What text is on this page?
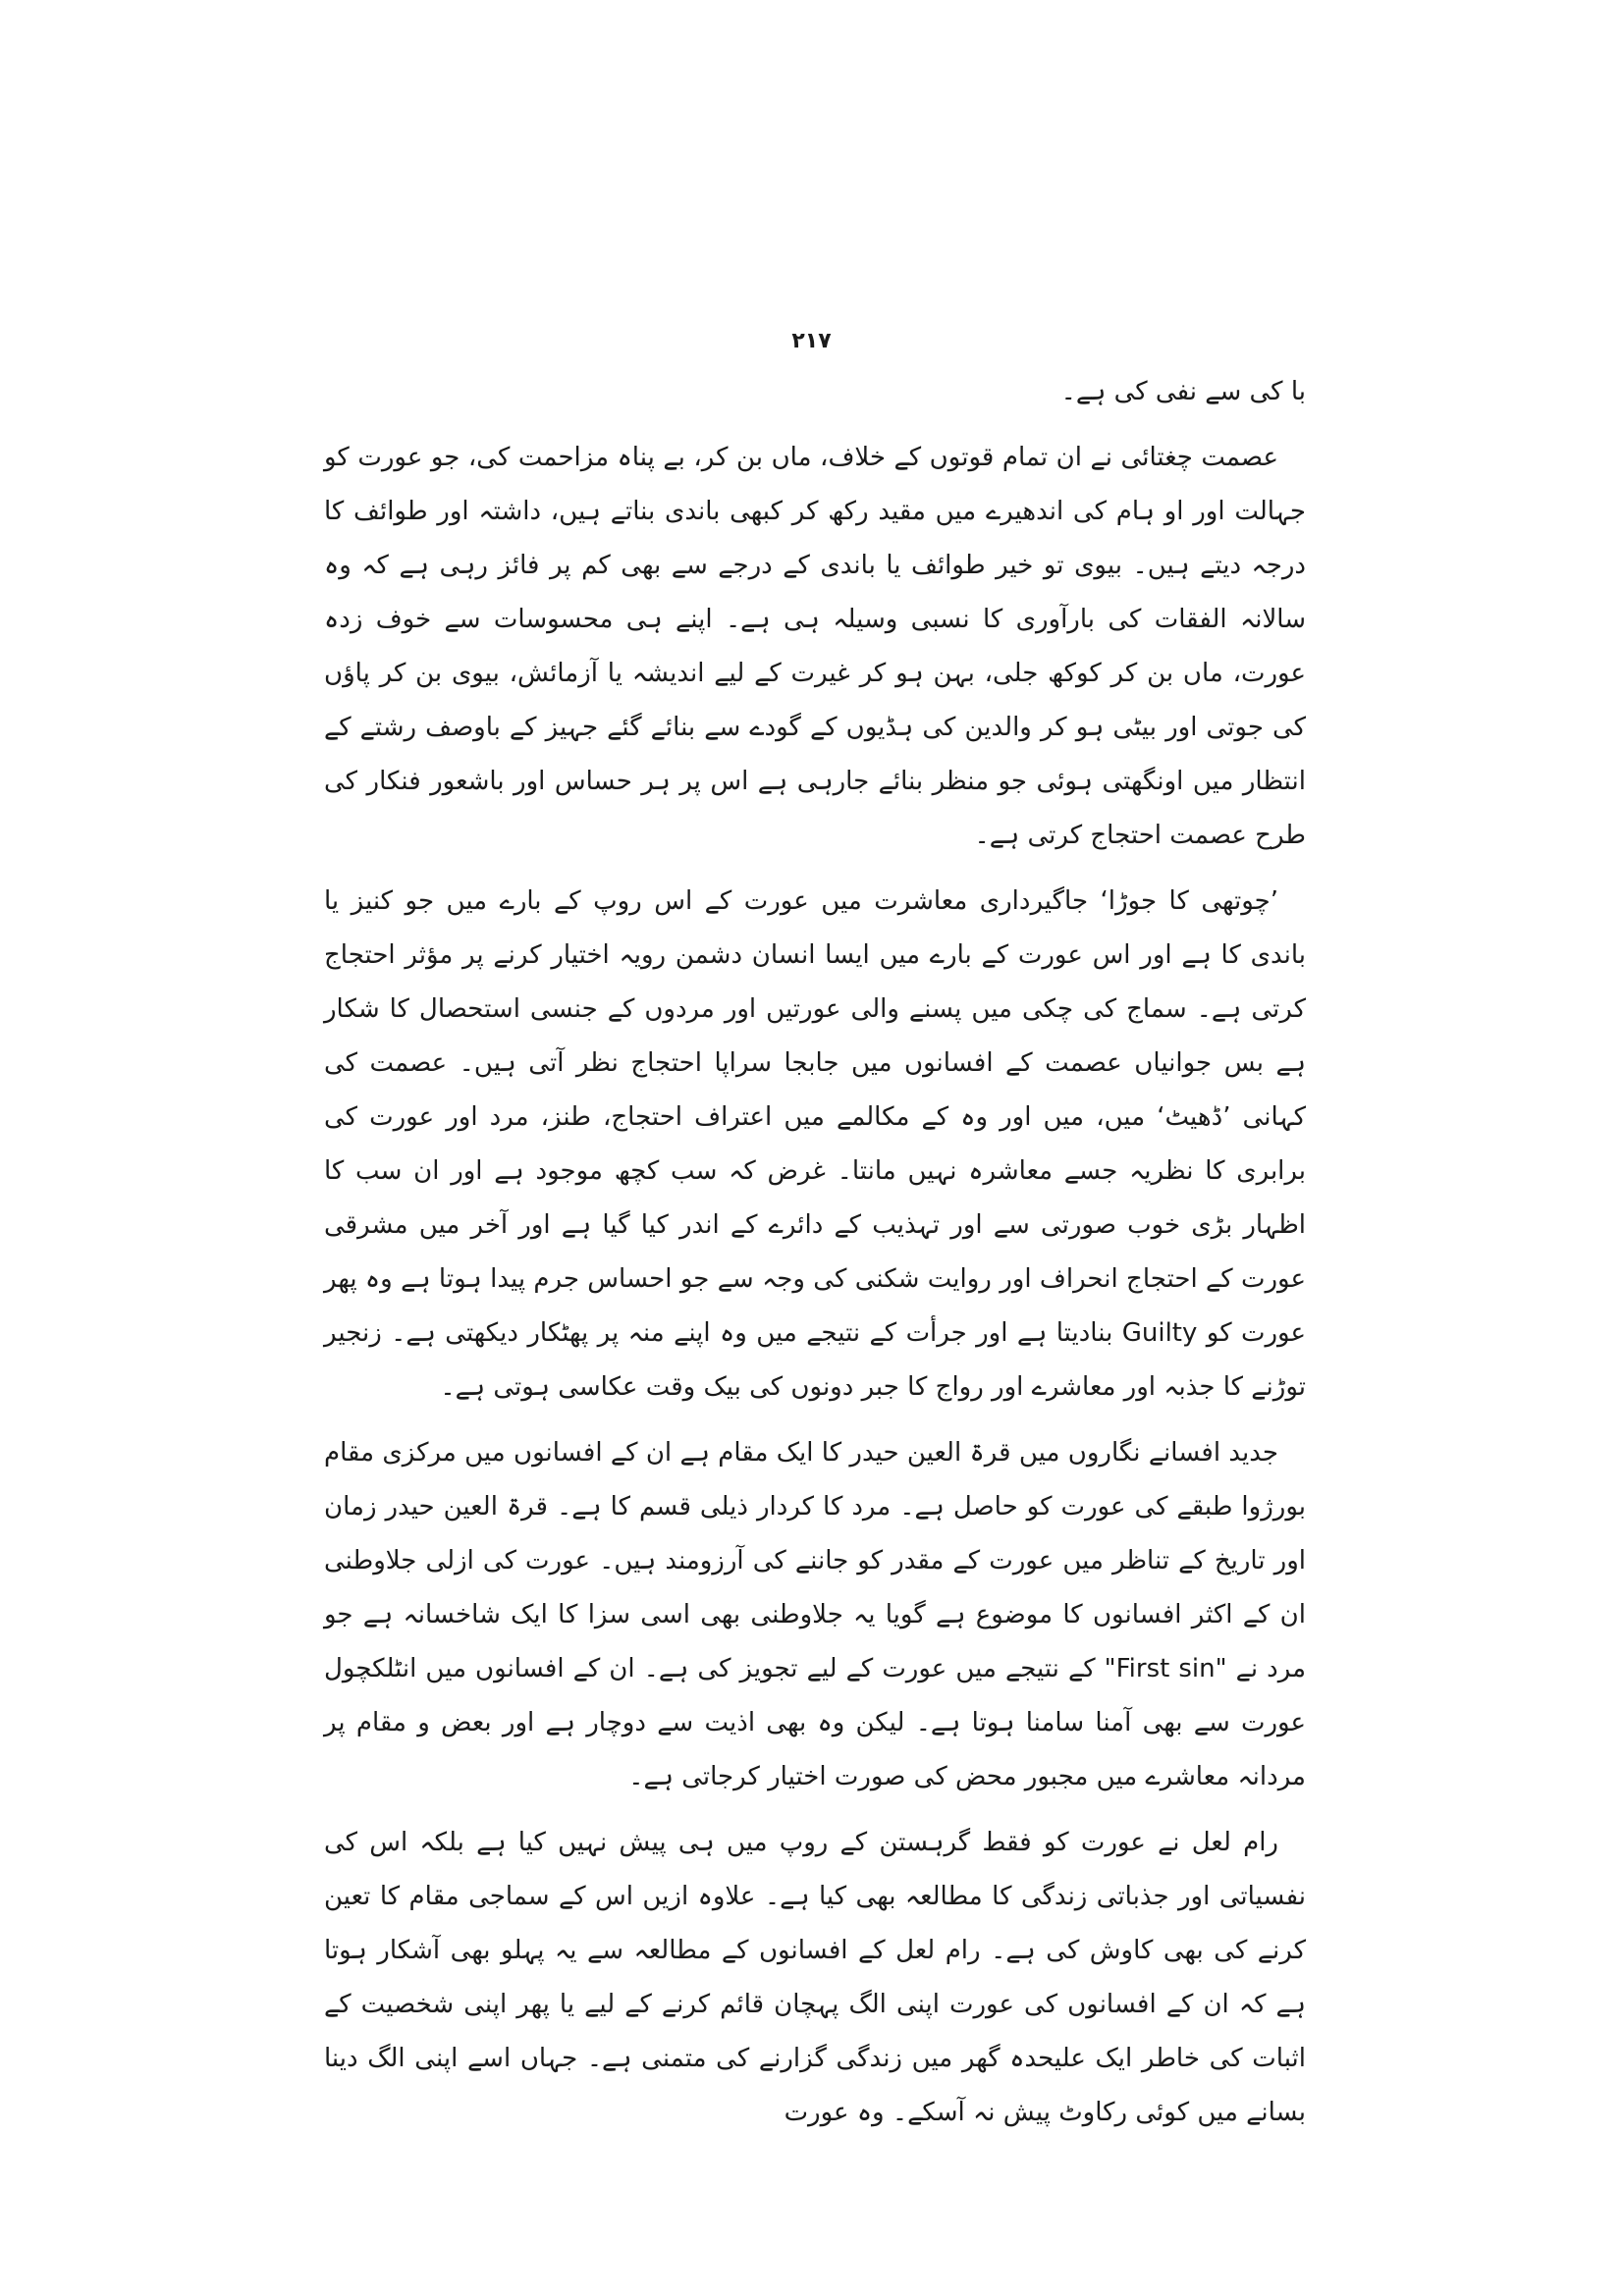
۲۱۷

با کی سے نفی کی ہے۔

عصمت چغتائی نے ان تمام قوتوں کے خلاف، ماں بن کر، بے پناہ مزاحمت کی، جو عورت کو جہالت اور او ہام کی اندھیرے میں مقید رکھ کر کبھی باندی بناتے ہیں، داشتہ اور طوائف کا درجہ دیتے ہیں۔ بیوی تو خیر طوائف یا باندی کے درجے سے بھی کم پر فائز رہی ہے کہ وہ سالانہ الفقات کی بارآوری کا نسبی وسیلہ ہی ہے۔ اپنے ہی محسوسات سے خوف زدہ عورت، ماں بن کر کوکھ جلی، بہن ہو کر غیرت کے لیے اندیشہ یا آزمائش، بیوی بن کر پاؤں کی جوتی اور بیٹی ہو کر والدین کی ہڈیوں کے گودے سے بنائے گئے جہیز کے باوصف رشتے کے انتظار میں اونگھتی ہوئی جو منظر بنائے جارہی ہے اس پر ہر حساس اور باشعور فنکار کی طرح عصمت احتجاج کرتی ہے۔

’چوتھی کا جوڑا‘ جاگیرداری معاشرت میں عورت کے اس روپ کے بارے میں جو کنیز یا باندی کا ہے اور اس عورت کے بارے میں ایسا انسان دشمن رویہ اختیار کرنے پر مؤثر احتجاج کرتی ہے۔ سماج کی چکی میں پسنے والی عورتیں اور مردوں کے جنسی استحصال کا شکار ہے بس جوانیاں عصمت کے افسانوں میں جابجا سراپا احتجاج نظر آتی ہیں۔ عصمت کی کہانی ’ڈھیٹ‘ میں، میں اور وہ کے مکالمے میں اعتراف احتجاج، طنز، مرد اور عورت کی برابری کا نظریہ جسے معاشرہ نہیں مانتا۔ غرض کہ سب کچھ موجود ہے اور ان سب کا اظہار بڑی خوب صورتی سے اور تہذیب کے دائرے کے اندر کیا گیا ہے اور آخر میں مشرقی عورت کے احتجاج انحراف اور روایت شکنی کی وجہ سے جو احساس جرم پیدا ہوتا ہے وہ پھر عورت کو Guilty بنادیتا ہے اور جرأت کے نتیجے میں وہ اپنے منہ پر پھٹکار دیکھتی ہے۔ زنجیر توڑنے کا جذبہ اور معاشرے اور رواج کا جبر دونوں کی بیک وقت عکاسی ہوتی ہے۔

جدید افسانے نگاروں میں قرۃ العین حیدر کا ایک مقام ہے ان کے افسانوں میں مرکزی مقام بورژوا طبقے کی عورت کو حاصل ہے۔ مرد کا کردار ذیلی قسم کا ہے۔ قرۃ العین حیدر زمان اور تاریخ کے تناظر میں عورت کے مقدر کو جاننے کی آرزومند ہیں۔ عورت کی ازلی جلاوطنی ان کے اکثر افسانوں کا موضوع ہے گویا یہ جلاوطنی بھی اسی سزا کا ایک شاخسانہ ہے جو مرد نے "First sin" کے نتیجے میں عورت کے لیے تجویز کی ہے۔ ان کے افسانوں میں انٹلکچول عورت سے بھی آمنا سامنا ہوتا ہے۔ لیکن وہ بھی اذیت سے دوچار ہے اور بعض و مقام پر مردانہ معاشرے میں مجبور محض کی صورت اختیار کرجاتی ہے۔

رام لعل نے عورت کو فقط گرہستن کے روپ میں ہی پیش نہیں کیا ہے بلکہ اس کی نفسیاتی اور جذباتی زندگی کا مطالعہ بھی کیا ہے۔ علاوہ ازیں اس کے سماجی مقام کا تعین کرنے کی بھی کاوش کی ہے۔ رام لعل کے افسانوں کے مطالعہ سے یہ پہلو بھی آشکار ہوتا ہے کہ ان کے افسانوں کی عورت اپنی الگ پہچان قائم کرنے کے لیے یا پھر اپنی شخصیت کے اثبات کی خاطر ایک علیحدہ گھر میں زندگی گزارنے کی متمنی ہے۔ جہاں اسے اپنی الگ دینا بسانے میں کوئی رکاوٹ پیش نہ آسکے۔ وہ عورت
